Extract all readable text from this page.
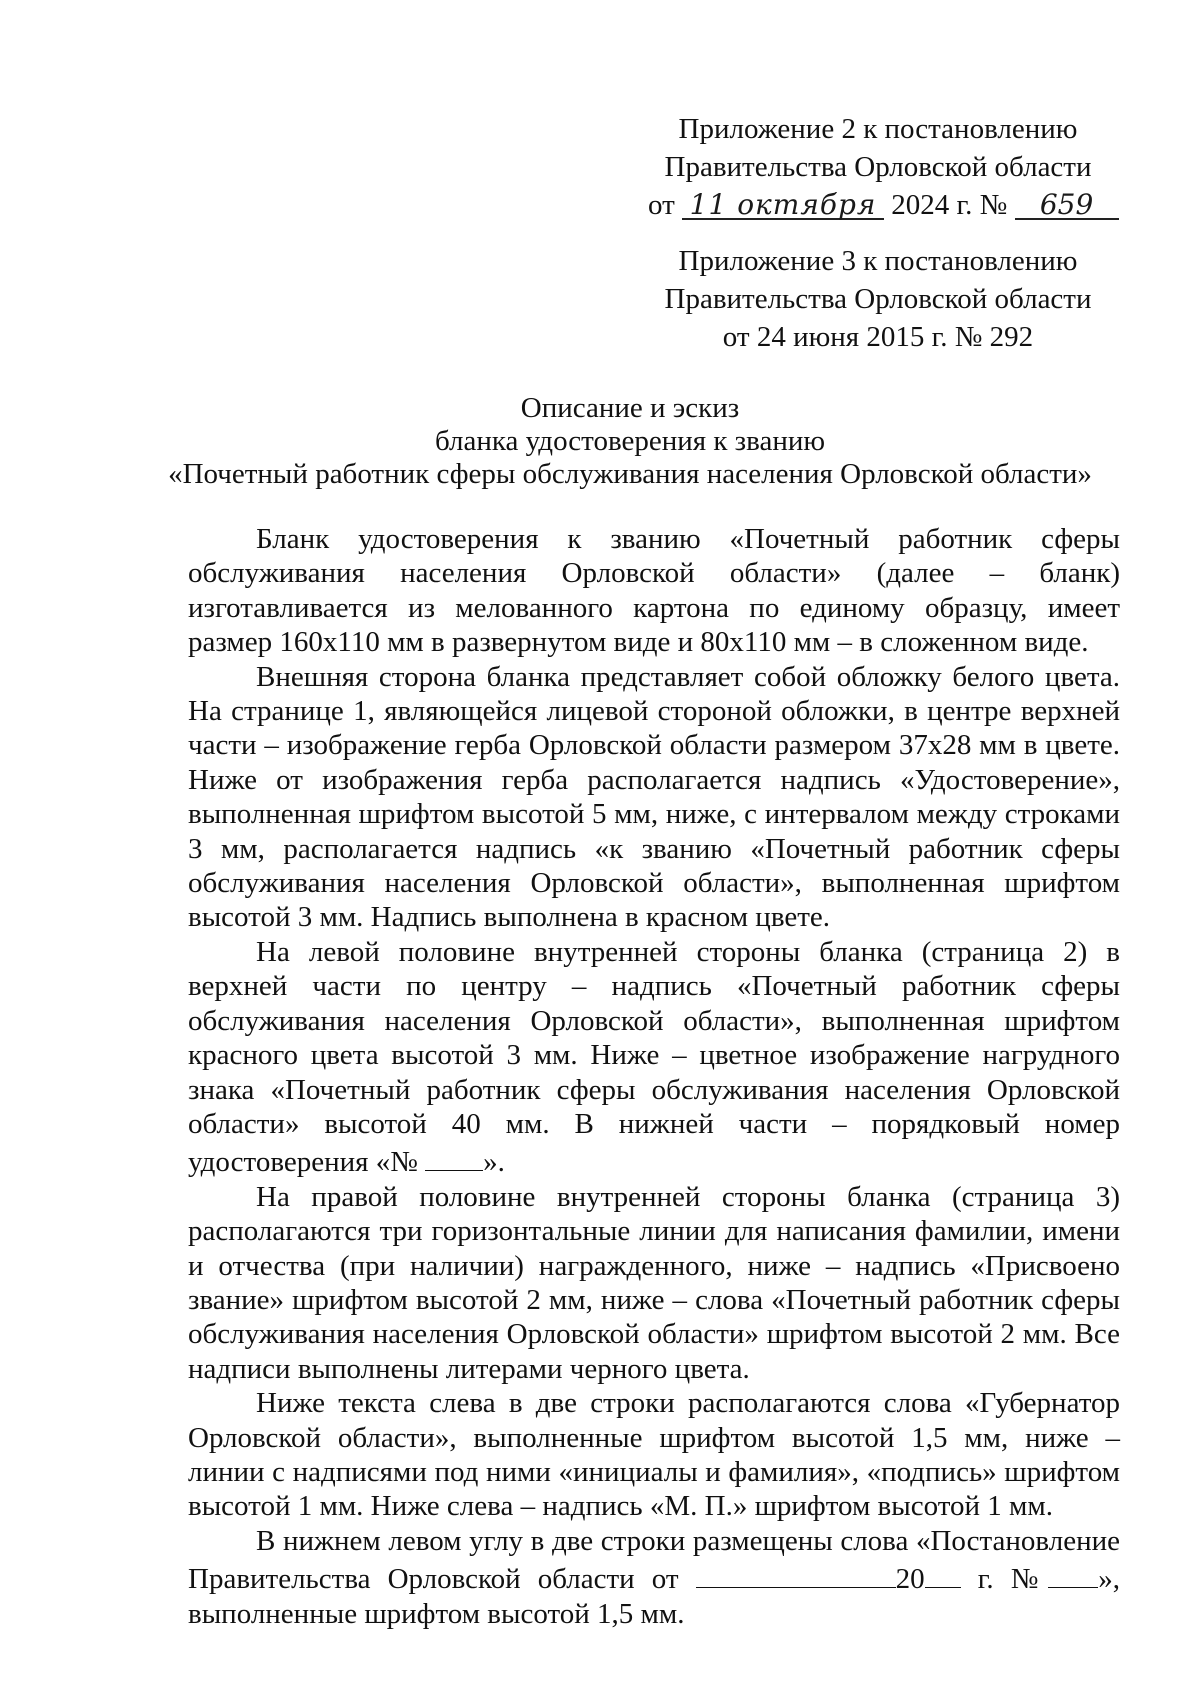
Приложение 2 к постановлению
Правительства Орловской области
от 11 октября 2024 г. № 659
Приложение 3 к постановлению
Правительства Орловской области
от 24 июня 2015 г. № 292
Описание и эскиз
бланка удостоверения к званию
«Почетный работник сферы обслуживания населения Орловской области»

Бланк удостоверения к званию «Почетный работник сферы обслуживания населения Орловской области» (далее – бланк) изготавливается из мелованного картона по единому образцу, имеет размер 160x110 мм в развернутом виде и 80x110 мм – в сложенном виде.

Внешняя сторона бланка представляет собой обложку белого цвета. На странице 1, являющейся лицевой стороной обложки, в центре верхней части – изображение герба Орловской области размером 37x28 мм в цвете. Ниже от изображения герба располагается надпись «Удостоверение», выполненная шрифтом высотой 5 мм, ниже, с интервалом между строками 3 мм, располагается надпись «к званию «Почетный работник сферы обслуживания населения Орловской области», выполненная шрифтом высотой 3 мм. Надпись выполнена в красном цвете.

На левой половине внутренней стороны бланка (страница 2) в верхней части по центру – надпись «Почетный работник сферы обслуживания населения Орловской области», выполненная шрифтом красного цвета высотой 3 мм. Ниже – цветное изображение нагрудного знака «Почетный работник сферы обслуживания населения Орловской области» высотой 40 мм. В нижней части – порядковый номер удостоверения «№ ».

На правой половине внутренней стороны бланка (страница 3) располагаются три горизонтальные линии для написания фамилии, имени и отчества (при наличии) награжденного, ниже – надпись «Присвоено звание» шрифтом высотой 2 мм, ниже – слова «Почетный работник сферы обслуживания населения Орловской области» шрифтом высотой 2 мм. Все надписи выполнены литерами черного цвета.

Ниже текста слева в две строки располагаются слова «Губернатор Орловской области», выполненные шрифтом высотой 1,5 мм, ниже – линии с надписями под ними «инициалы и фамилия», «подпись» шрифтом высотой 1 мм. Ниже слева – надпись «М. П.» шрифтом высотой 1 мм.

В нижнем левом углу в две строки размещены слова «Постановление Правительства Орловской области от	20 г. № », выполненные шрифтом высотой 1,5 мм.
